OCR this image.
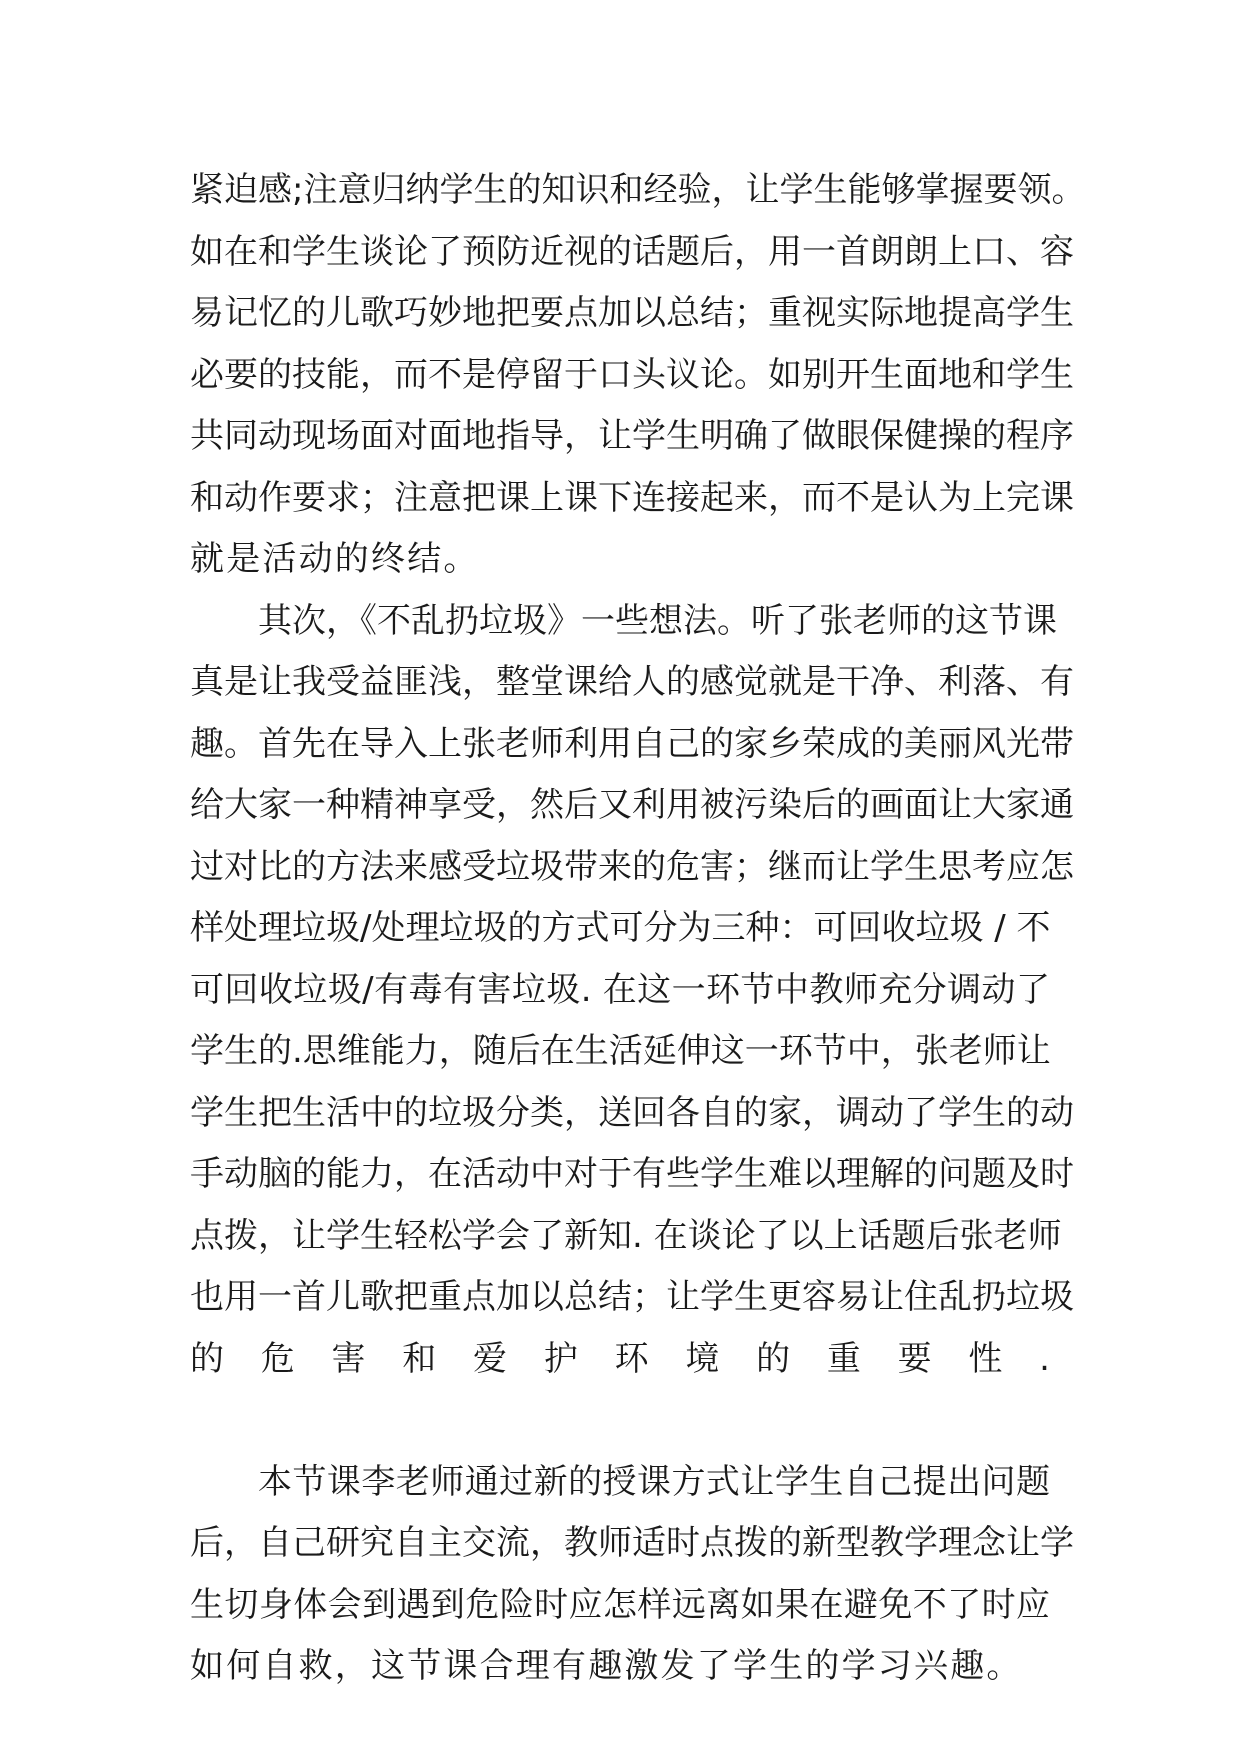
紧迫感;注意归纳学生的知识和经验，让学生能够掌握要领。
如在和学生谈论了预防近视的话题后，用一首朗朗上口、容
易记忆的儿歌巧妙地把要点加以总结；重视实际地提高学生
必要的技能，而不是停留于口头议论。如别开生面地和学生
共同动现场面对面地指导，让学生明确了做眼保健操的程序
和动作要求；注意把课上课下连接起来，而不是认为上完课
就是活动的终结。
其次，《不乱扔垃圾》一些想法。听了张老师的这节课
真是让我受益匪浅，整堂课给人的感觉就是干净、利落、有
趣。首先在导入上张老师利用自己的家乡荣成的美丽风光带
给大家一种精神享受，然后又利用被污染后的画面让大家通
过对比的方法来感受垃圾带来的危害；继而让学生思考应怎
样处理垃圾/处理垃圾的方式可分为三种：可回收垃圾 / 不
可回收垃圾/有毒有害垃圾. 在这一环节中教师充分调动了
学生的.思维能力，随后在生活延伸这一环节中，张老师让
学生把生活中的垃圾分类，送回各自的家，调动了学生的动
手动脑的能力，在活动中对于有些学生难以理解的问题及时
点拨，让学生轻松学会了新知. 在谈论了以上话题后张老师
也用一首儿歌把重点加以总结；让学生更容易让住乱扔垃圾
的危害和爱护环境的重要性.
本节课李老师通过新的授课方式让学生自己提出问题
后，自己研究自主交流，教师适时点拨的新型教学理念让学
生切身体会到遇到危险时应怎样远离如果在避免不了时应
如何自救，这节课合理有趣激发了学生的学习兴趣。
